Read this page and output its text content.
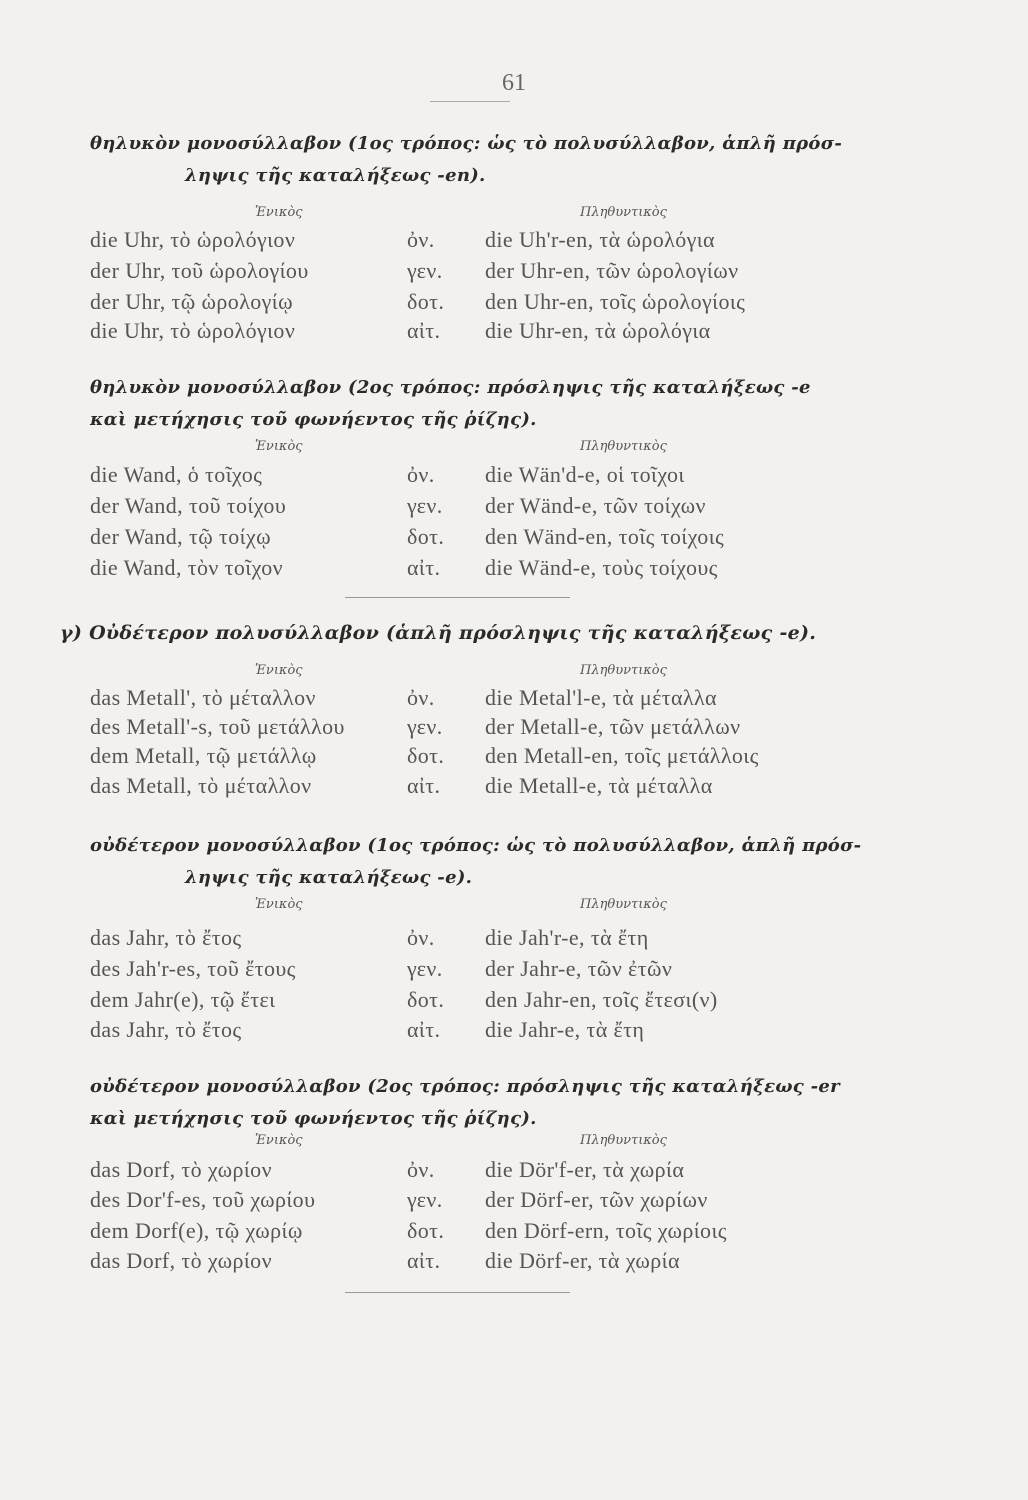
61
θηλυκὸν μονοσύλλαβον (1ος τρόπος: ὡς τὸ πολυσύλλαβον, ἁπλῆ πρόσ-
ληψις τῆς καταλήξεως -en).
Ἑνικὸς	Πληθυντικὸς
die Uhr, τὸ ὡρολόγιον	ὀν. die Uh'r-en, τὰ ὡρολόγια
der Uhr, τοῦ ὡρολογίου	γεν. der Uhr-en, τῶν ὡρολογίων
der Uhr, τῷ ὡρολογίῳ	δοτ. den Uhr-en, τοῖς ὡρολογίοις
die Uhr, τὸ ὡρολόγιον	αἰτ. die Uhr-en, τὰ ὡρολόγια
θηλυκὸν μονοσύλλαβον (2ος τρόπος: πρόσληψις τῆς καταλήξεως -e
καὶ μετήχησις τοῦ φωνήεντος τῆς ῥίζης).
Ἑνικὸς	Πληθυντικὸς
die Wand, ὁ τοῖχος	ὀν. die Wän'd-e, οἱ τοῖχοι
der Wand, τοῦ τοίχου	γεν. der Wänd-e, τῶν τοίχων
der Wand, τῷ τοίχῳ	δοτ. den Wänd-en, τοῖς τοίχοις
die Wand, τὸν τοῖχον	αἰτ. die Wänd-e, τοὺς τοίχους
γ) Οὐδέτερον πολυσύλλαβον (ἁπλῆ πρόσληψις τῆς καταλήξεως -e).
Ἑνικὸς	Πληθυντικὸς
das Metall', τὸ μέταλλον	ὀν. die Metal'l-e, τὰ μέταλλα
des Metall'-s, τοῦ μετάλλου	γεν. der Metall-e, τῶν μετάλλων
dem Metall, τῷ μετάλλῳ	δοτ. den Metall-en, τοῖς μετάλλοις
das Metall, τὸ μέταλλον	αἰτ. die Metall-e, τὰ μέταλλα
οὐδέτερον μονοσύλλαβον (1ος τρόπος: ὡς τὸ πολυσύλλαβον, ἁπλῆ πρόσ-
ληψις τῆς καταλήξεως -e).
Ἑνικὸς	Πληθυντικὸς
das Jahr, τὸ ἔτος	ὀν. die Jah'r-e, τὰ ἔτη
des Jah'r-es, τοῦ ἔτους	γεν. der Jahr-e, τῶν ἐτῶν
dem Jahr(e), τῷ ἔτει	δοτ. den Jahr-en, τοῖς ἔτεσι(ν)
das Jahr, τὸ ἔτος	αἰτ. die Jahr-e, τὰ ἔτη
οὐδέτερον μονοσύλλαβον (2ος τρόπος: πρόσληψις τῆς καταλήξεως -er
καὶ μετήχησις τοῦ φωνήεντος τῆς ῥίζης).
Ἑνικὸς	Πληθυντικὸς
das Dorf, τὸ χωρίον	ὀν. die Dör'f-er, τὰ χωρία
des Dor'f-es, τοῦ χωρίου	γεν. der Dörf-er, τῶν χωρίων
dem Dorf(e), τῷ χωρίῳ	δοτ. den Dörf-ern, τοῖς χωρίοις
das Dorf, τὸ χωρίον	αἰτ. die Dörf-er, τὰ χωρία
